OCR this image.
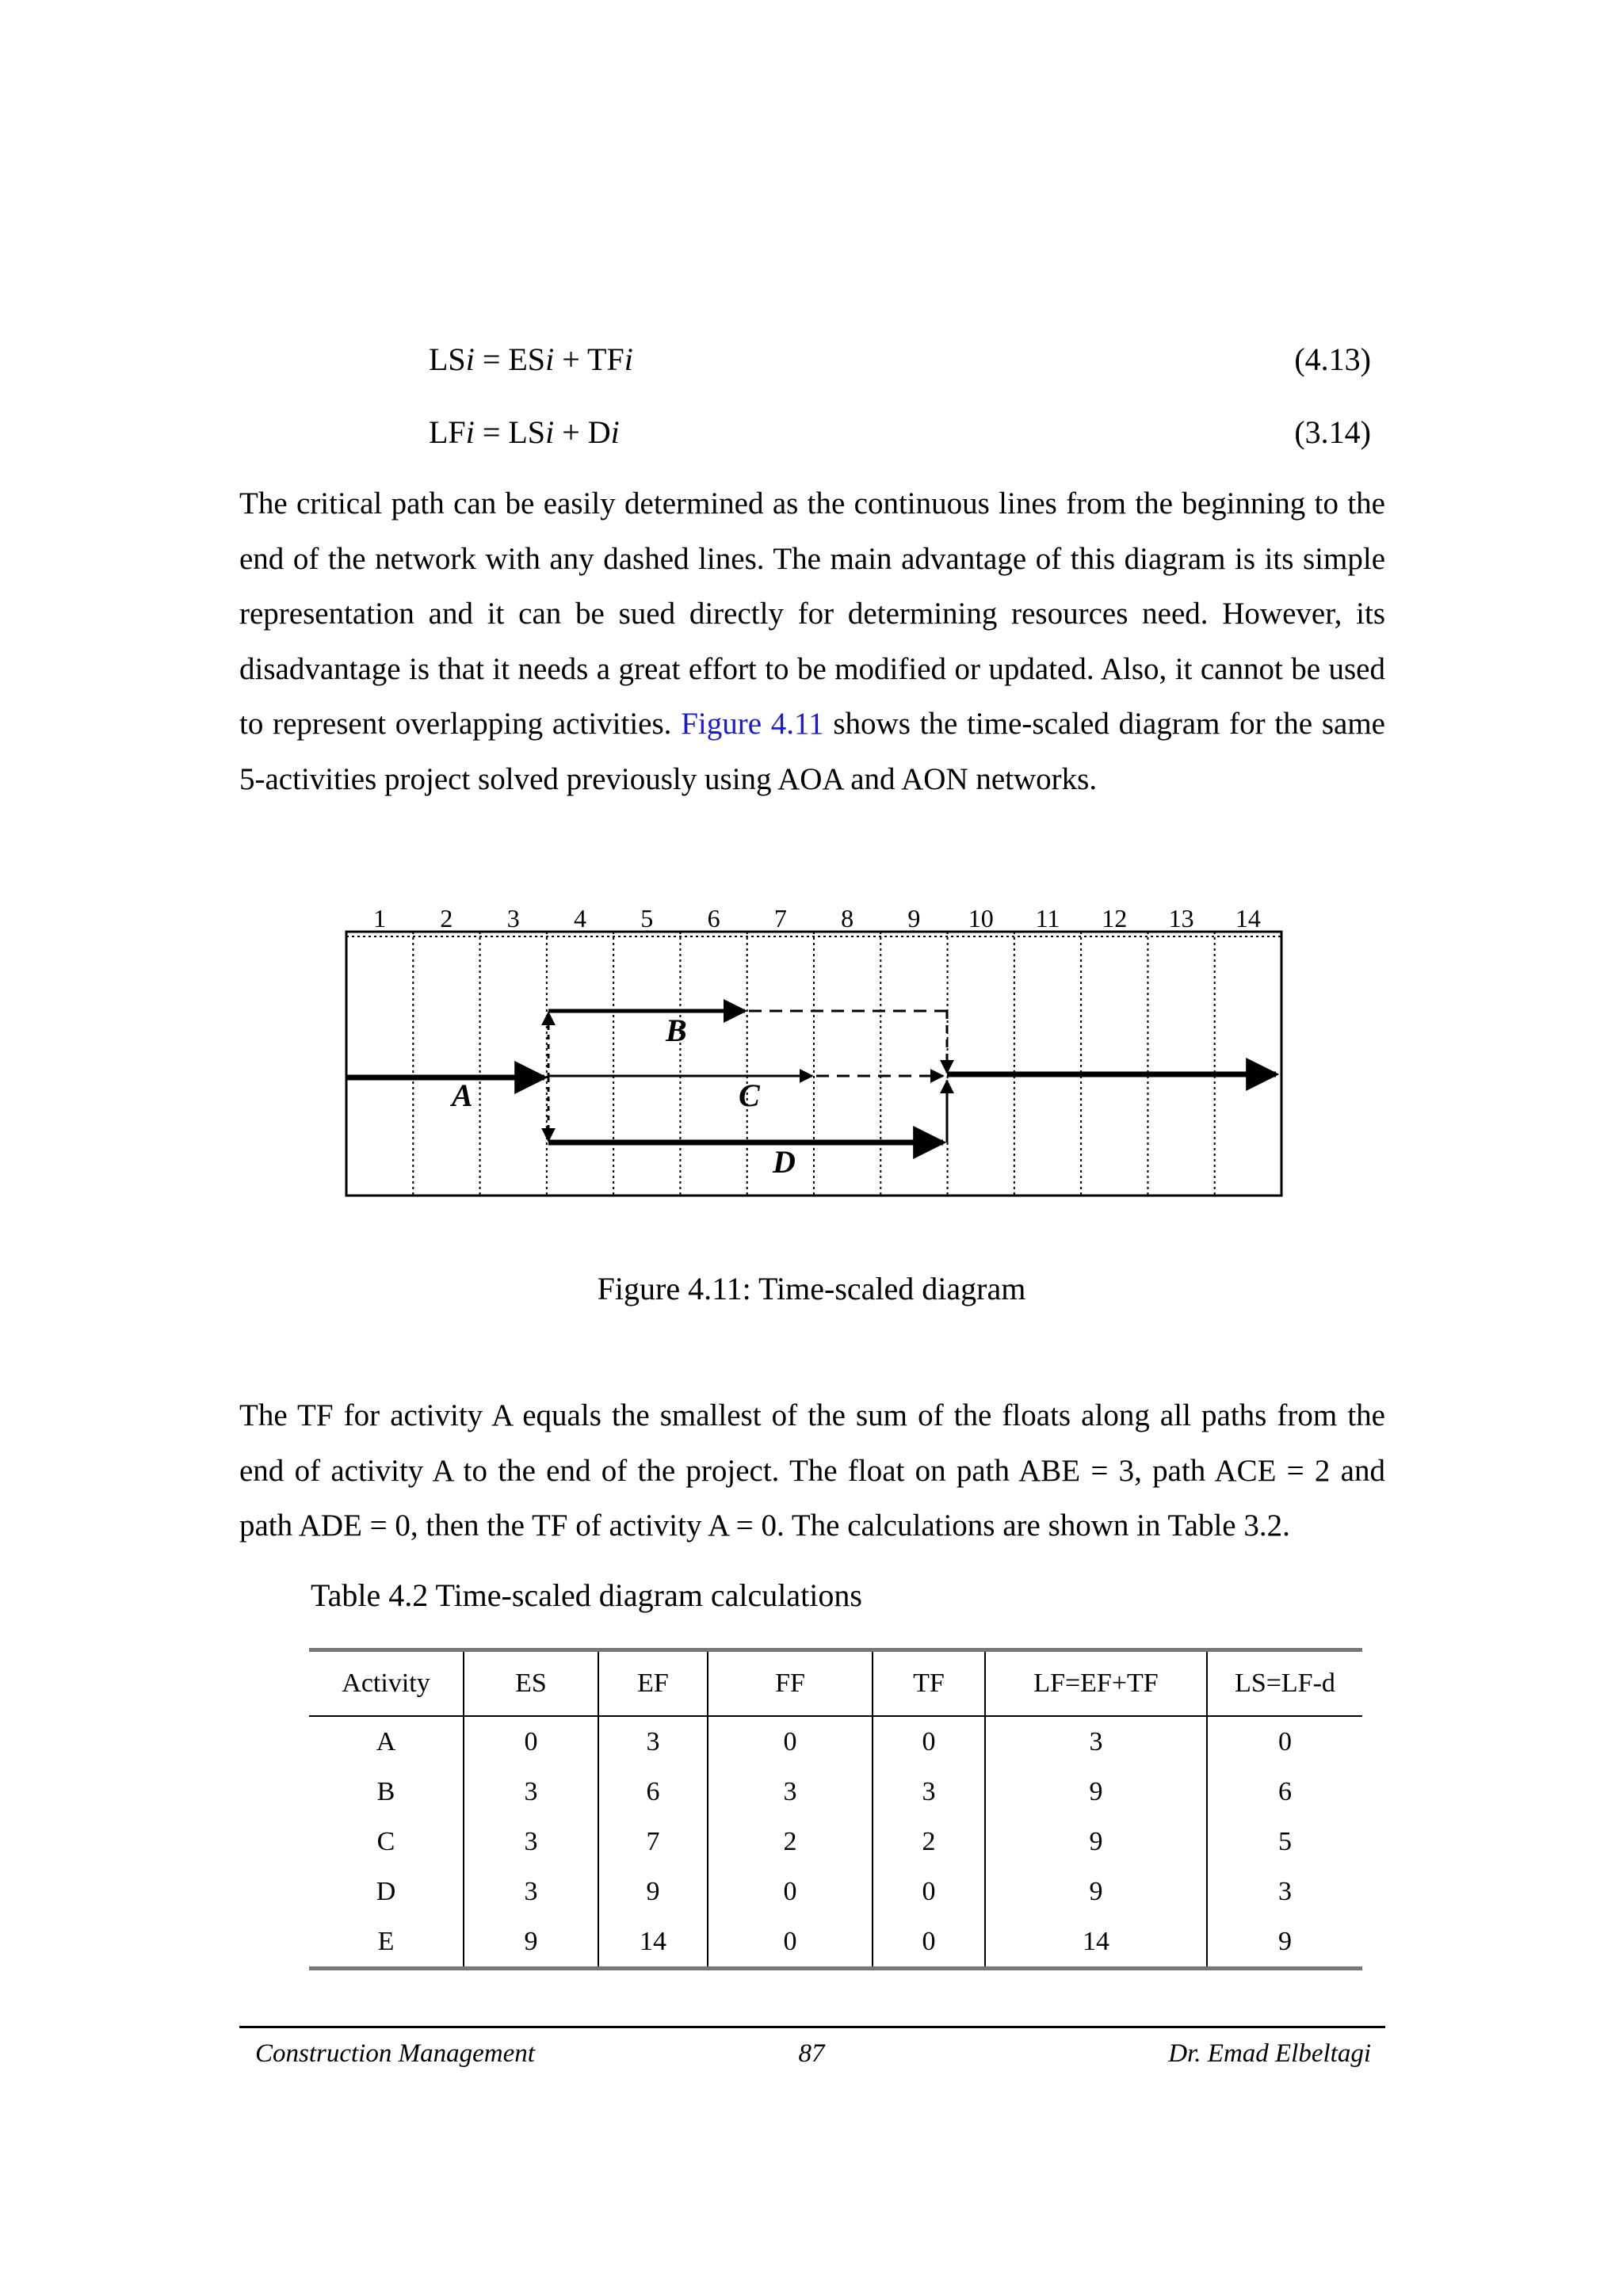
LSi = ESi + TFi	(4.13)
LFi = LSi + Di	(3.14)
The critical path can be easily determined as the continuous lines from the beginning to the end of the network with any dashed lines. The main advantage of this diagram is its simple representation and it can be sued directly for determining resources need. However, its disadvantage is that it needs a great effort to be modified or updated. Also, it cannot be used to represent overlapping activities. Figure 4.11 shows the time-scaled diagram for the same 5-activities project solved previously using AOA and AON networks.
1 2 3 4 5 6 7 8 9 10 11 12 13 14
B
A	C
D
Figure 4.11: Time-scaled diagram
The TF for activity A equals the smallest of the sum of the floats along all paths from the end of activity A to the end of the project. The float on path ABE = 3, path ACE = 2 and path ADE = 0, then the TF of activity A = 0. The calculations are shown in Table 3.2.
Table 4.2 Time-scaled diagram calculations
Activity	ES	EF	FF	TF	LF=EF+TF	LS=LF-d
A	0	3	0	0	3	0
B	3	6	3	3	9	6
C	3	7	2	2	9	5
D	3	9	0	0	9	3
E	9	14	0	0	14	9
Construction Management	87	Dr. Emad Elbeltagi
